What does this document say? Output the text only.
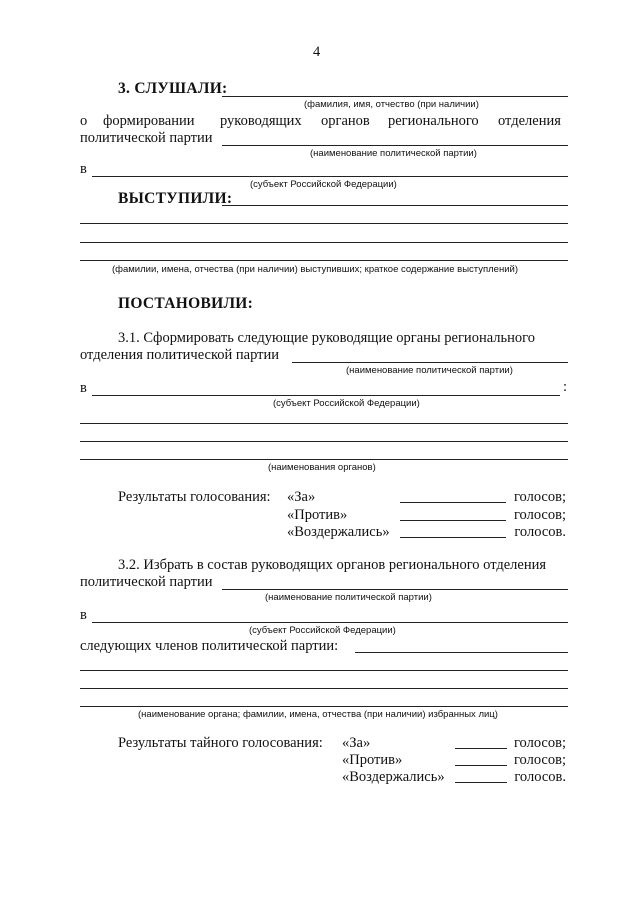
4
3. СЛУШАЛИ:
(фамилия, имя, отчество (при наличии)
о формировании руководящих органов регионального отделения
политической партии
(наименование политической партии)
в
(субъект Российской Федерации)
ВЫСТУПИЛИ:
(фамилии, имена, отчества (при наличии) выступивших; краткое содержание выступлений)
ПОСТАНОВИЛИ:
3.1. Сформировать следующие руководящие органы регионального
отделения политической партии
(наименование политической партии)
в	:
(субъект Российской Федерации)
(наименования органов)
Результаты голосования: «За»	голосов;
«Против»	голосов;
«Воздержались»	голосов.
3.2. Избрать в состав руководящих органов регионального отделения
политической партии
(наименование политической партии)
в
(субъект Российской Федерации)
следующих членов политической партии:
(наименование органа; фамилии, имена, отчества (при наличии) избранных лиц)
Результаты тайного голосования: «За»	голосов;
«Против»	голосов;
«Воздержались»	голосов.
